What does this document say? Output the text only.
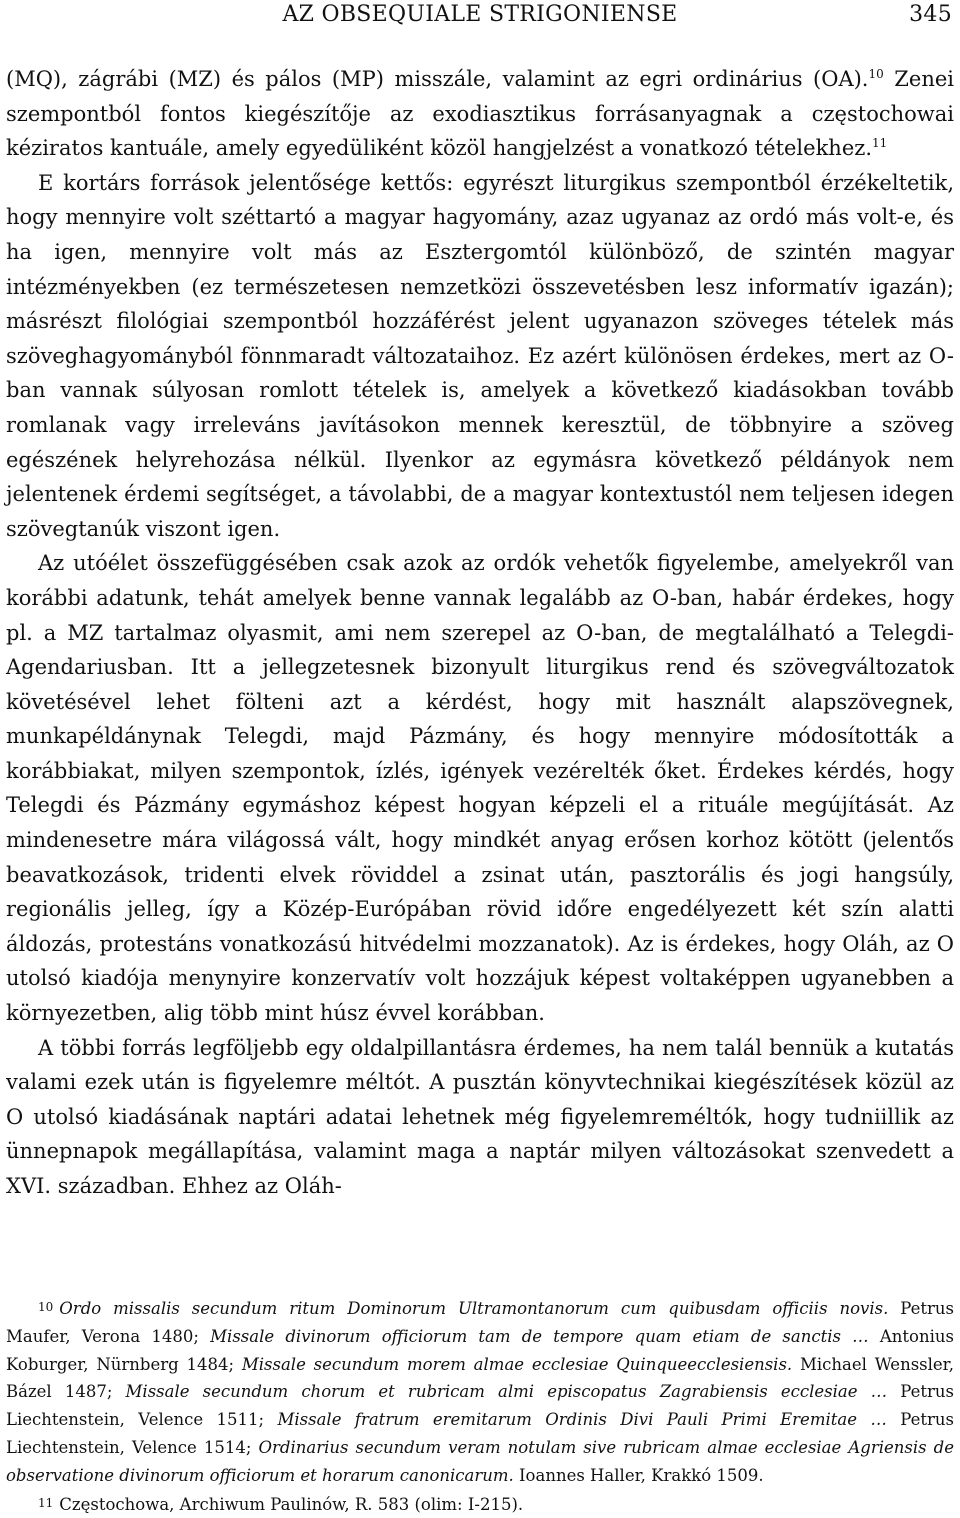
AZ OBSEQUIALE STRIGONIENSE	345

(MQ), zágrábi (MZ) és pálos (MP) misszále, valamint az egri ordinárius (OA).$^{10}$ Zenei szempontból fontos kiegészítője az exodiasztikus forrásanyagnak a częstochowai kéziratos kantuále, amely egyedüliként közöl hangjelzést a vonatkozó tételekhez.$^{11}$

E kortárs források jelentősége kettős: egyrészt liturgikus szempontból érzékeltetik, hogy mennyire volt széttartó a magyar hagyomány, azaz ugyanaz az ordó más volt-e, és ha igen, mennyire volt más az Esztergomtól különböző, de szintén magyar intézményekben (ez természetesen nemzetközi összevetésben lesz informatív igazán); másrészt filológiai szempontból hozzáférést jelent ugyanazon szöveges tételek más szöveghagyományból fönnmaradt változataihoz. Ez azért különösen érdekes, mert az O-ban vannak súlyosan romlott tételek is, amelyek a következő kiadásokban tovább romlanak vagy irreleváns javításokon mennek keresztül, de többnyire a szöveg egészének helyrehozása nélkül. Ilyenkor az egymásra következő példányok nem jelentenek érdemi segítséget, a távolabbi, de a magyar kontextustól nem teljesen idegen szövegtanúk viszont igen.

Az utóélet összefüggésében csak azok az ordók vehetők figyelembe, amelyekről van korábbi adatunk, tehát amelyek benne vannak legalább az O-ban, habár érdekes, hogy pl. a MZ tartalmaz olyasmit, ami nem szerepel az O-ban, de megtalálható a Telegdi-Agendariusban. Itt a jellegzetesnek bizonyult liturgikus rend és szövegváltozatok követésével lehet fölteni azt a kérdést, hogy mit használt alapszövegnek, munkapéldánynak Telegdi, majd Pázmány, és hogy mennyire módosították a korábbiakat, milyen szempontok, ízlés, igények vezérelték őket. Érdekes kérdés, hogy Telegdi és Pázmány egymáshoz képest hogyan képzeli el a rituále megújítását. Az mindenesetre mára világossá vált, hogy mindkét anyag erősen korhoz kötött (jelentős beavatkozások, tridenti elvek röviddel a zsinat után, pasztorális és jogi hangsúly, regionális jelleg, így a Közép-Európában rövid időre engedélyezett két szín alatti áldozás, protestáns vonatkozású hitvédelmi mozzanatok). Az is érdekes, hogy Oláh, az O utolsó kiadója menynyire konzervatív volt hozzájuk képest voltaképpen ugyanebben a környezetben, alig több mint húsz évvel korábban.

A többi forrás legföljebb egy oldalpillantásra érdemes, ha nem talál bennük a kutatás valami ezek után is figyelemre méltót. A pusztán könyvtechnikai kiegészítések közül az O utolsó kiadásának naptári adatai lehetnek még figyelemreméltók, hogy tudniillik az ünnepnapok megállapítása, valamint maga a naptár milyen változásokat szenvedett a XVI. században. Ehhez az Oláh-

10 Ordo missalis secundum ritum Dominorum Ultramontanorum cum quibusdam officiis novis. Petrus Maufer, Verona 1480; Missale divinorum officiorum tam de tempore quam etiam de sanctis … Antonius Koburger, Nürnberg 1484; Missale secundum morem almae ecclesiae Quinqueecclesiensis. Michael Wenssler, Bázel 1487; Missale secundum chorum et rubricam almi episcopatus Zagrabiensis ecclesiae … Petrus Liechtenstein, Velence 1511; Missale fratrum eremitarum Ordinis Divi Pauli Primi Eremitae … Petrus Liechtenstein, Velence 1514; Ordinarius secundum veram notulam sive rubricam almae ecclesiae Agriensis de observatione divinorum officiorum et horarum canonicarum. Ioannes Haller, Krakkó 1509.

11 Częstochowa, Archiwum Paulinów, R. 583 (olim: I-215).
